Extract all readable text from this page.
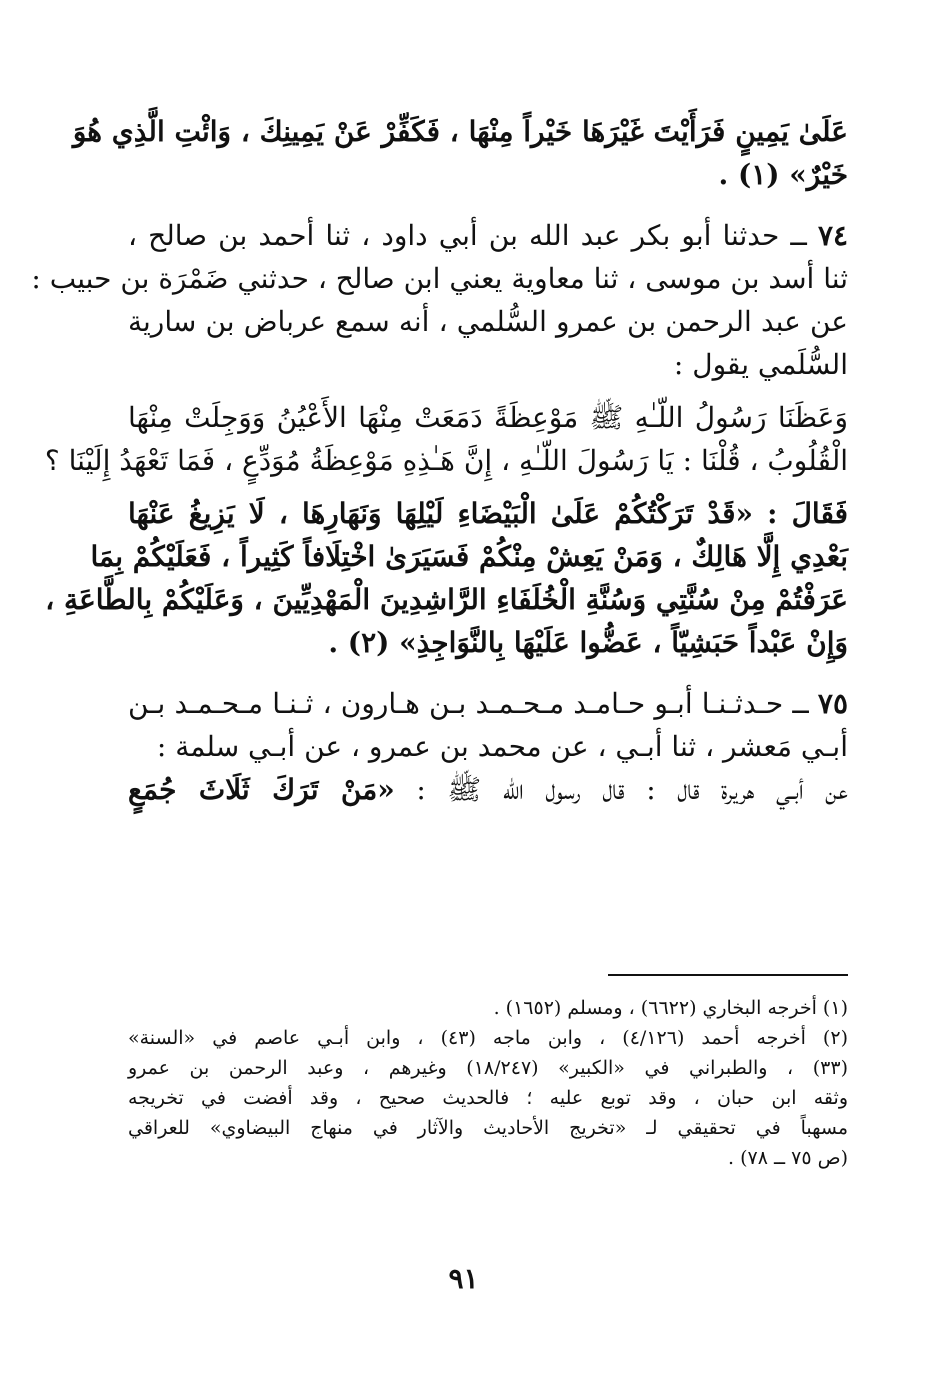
عَلَىٰ يَمِينٍ فَرَأَيْتَ غَيْرَهَا خَيْراً مِنْهَا ، فَكَفِّرْ عَنْ يَمِينِكَ ، وَائْتِ الَّذِي هُوَ
خَيْرٌ» (١) .
٧٤ ــ حدثنا أبو بكر عبد الله بن أبي داود ، ثنا أحمد بن صالح ،
ثنا أسد بن موسى ، ثنا معاوية يعني ابن صالح ، حدثني ضَمْرَة بن حبيب :
عن عبد الرحمن بن عمرو السُّلمي ، أنه سمع عرباض بن سارية
السُّلَمي يقول :
وَعَظَنَا رَسُولُ اللّـٰهِ ﷺ مَوْعِظَةً دَمَعَتْ مِنْهَا الأَعْيُنُ وَوَجِلَتْ مِنْهَا
الْقُلُوبُ ، قُلْنَا : يَا رَسُولَ اللّـٰهِ ، إِنَّ هَـٰذِهِ مَوْعِظَةُ مُوَدِّعٍ ، فَمَا تَعْهَدُ إِلَيْنَا ؟
فَقَالَ : «قَدْ تَرَكْتُكُمْ عَلَىٰ الْبَيْضَاءِ لَيْلِهَا وَنَهَارِهَا ، لَا يَزِيغُ عَنْهَا
بَعْدِي إِلَّا هَالِكٌ ، وَمَنْ يَعِشْ مِنْكُمْ فَسَيَرَىٰ اخْتِلَافاً كَثِيراً ، فَعَلَيْكُمْ بِمَا
عَرَفْتُمْ مِنْ سُنَّتِي وَسُنَّةِ الْخُلَفَاءِ الرَّاشِدِينَ الْمَهْدِيِّينَ ، وَعَلَيْكُمْ بِالطَّاعَةِ ،
وَإِنْ عَبْداً حَبَشِيّاً ، عَضُّوا عَلَيْهَا بِالنَّوَاجِذِ» (٢) .
٧٥ ــ حـدثـنـا أبـو حـامـد مـحـمـد بـن هـارون ، ثـنـا مـحـمـد بـن
أبـي مَعشر ، ثنا أبـي ، عن محمد بن عمرو ، عن أبـي سلمة :
عن أبـي هريرة قال : قال رسول الله ﷺ : «مَنْ تَرَكَ ثَلَاثَ جُمَعٍ
(١) أخرجه البخاري (٦٦٢٢) ، ومسلم (١٦٥٢) .
(٢) أخرجه أحمد (٤/١٢٦) ، وابن ماجه (٤٣) ، وابن أبـي عاصم في «السنة»
(٣٣) ، والطبراني في «الكبير» (١٨/٢٤٧) وغيرهم ، وعبد الرحمن بن عمرو
وثقه ابن حبان ، وقد توبع عليه ؛ فالحديث صحيح ، وقد أفضت في تخريجه
مسهباً في تحقيقي لـ «تخريج الأحاديث والآثار في منهاج البيضاوي» للعراقي
(ص ٧٥ ــ ٧٨) .
٩١
